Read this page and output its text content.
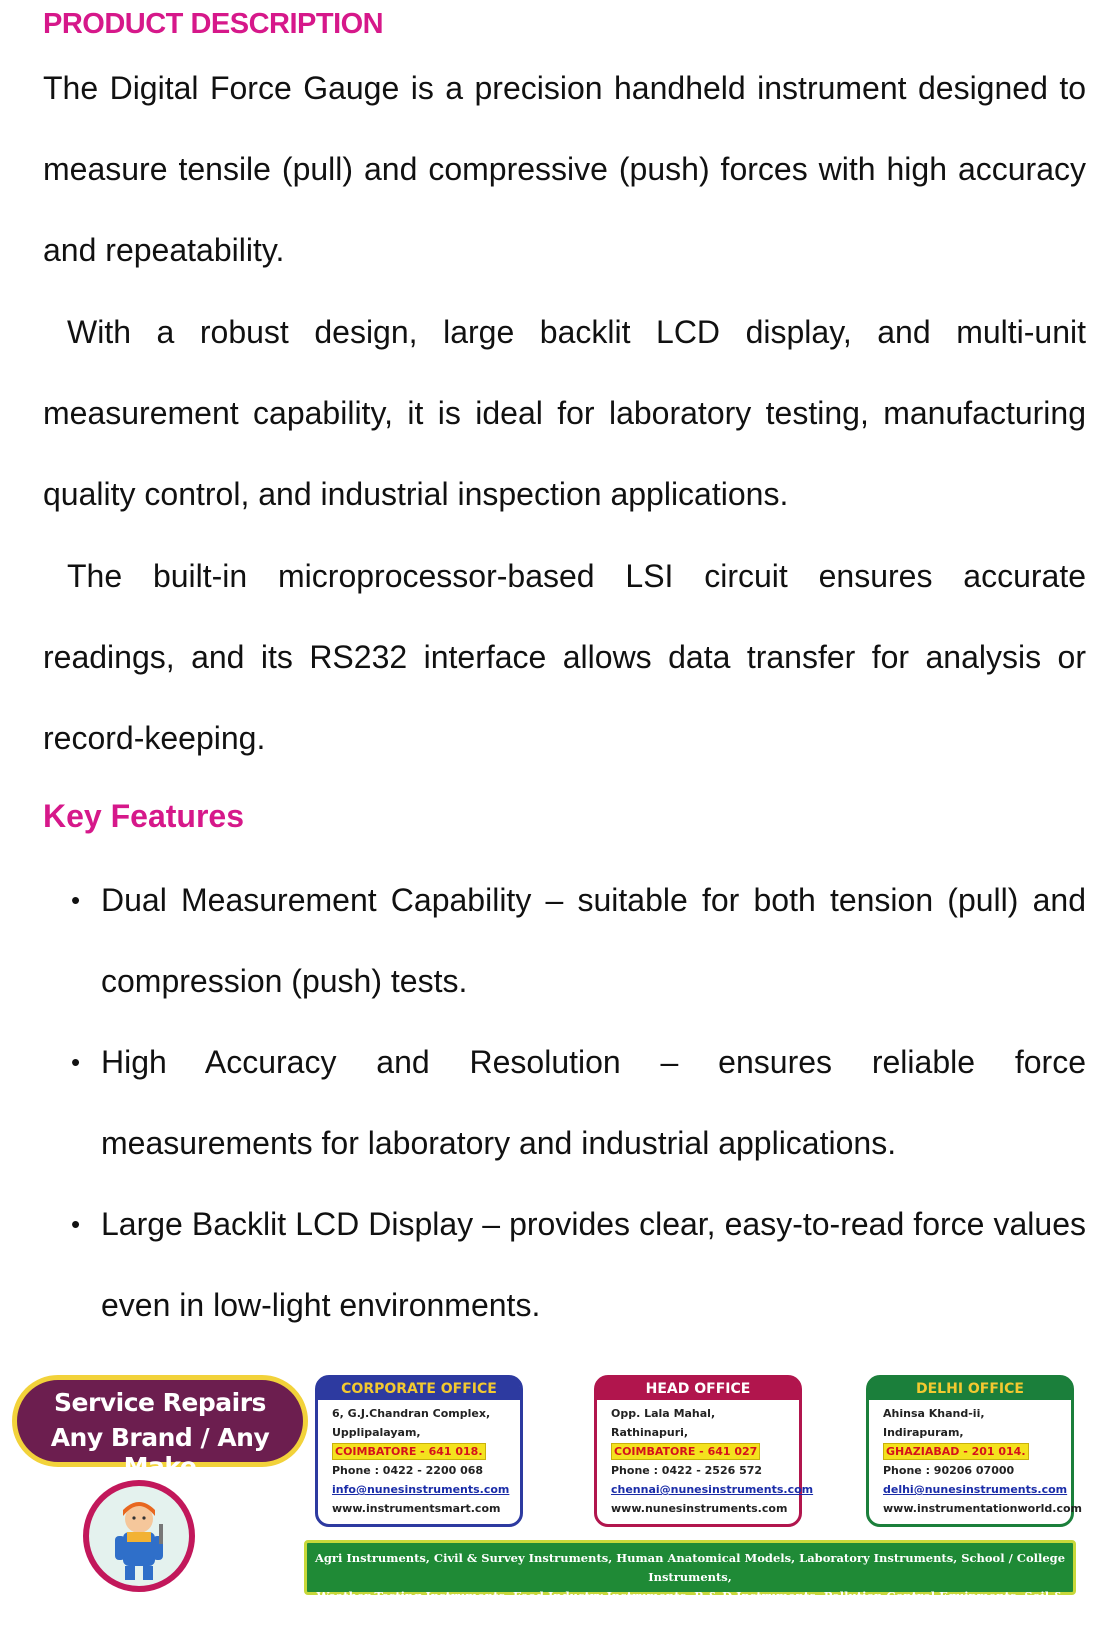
PRODUCT DESCRIPTION

The Digital Force Gauge is a precision handheld instrument designed to measure tensile (pull) and compressive (push) forces with high accuracy and repeatability.

With a robust design, large backlit LCD display, and multi-unit measurement capability, it is ideal for laboratory testing, manufacturing quality control, and industrial inspection applications.

The built-in microprocessor-based LSI circuit ensures accurate readings, and its RS232 interface allows data transfer for analysis or record-keeping.

Key Features
• Dual Measurement Capability – suitable for both tension (pull) and compression (push) tests.
• High Accuracy and Resolution – ensures reliable force measurements for laboratory and industrial applications.
• Large Backlit LCD Display – provides clear, easy-to-read force values even in low-light environments.
Service Repairs
Any Brand / Any Make
CORPORATE OFFICE
6, G.J.Chandran Complex,
Upplipalayam,
COIMBATORE - 641 018.
Phone : 0422 - 2200 068
info@nunesinstruments.com
www.instrumentsmart.com
HEAD OFFICE
Opp. Lala Mahal,
Rathinapuri,
COIMBATORE - 641 027
Phone : 0422 - 2526 572
chennai@nunesinstruments.com
www.nunesinstruments.com
DELHI OFFICE
Ahinsa Khand-ii,
Indirapuram,
GHAZIABAD - 201 014.
Phone : 90206 07000
delhi@nunesinstruments.com
www.instrumentationworld.com
Agri Instruments, Civil & Survey Instruments, Human Anatomical Models, Laboratory Instruments, School / College Instruments,
Weather Testing Instruments, Food Industry Instruments, R & D Instruments, Pollution Control Equipments, Soil & Water Tester Equipments
